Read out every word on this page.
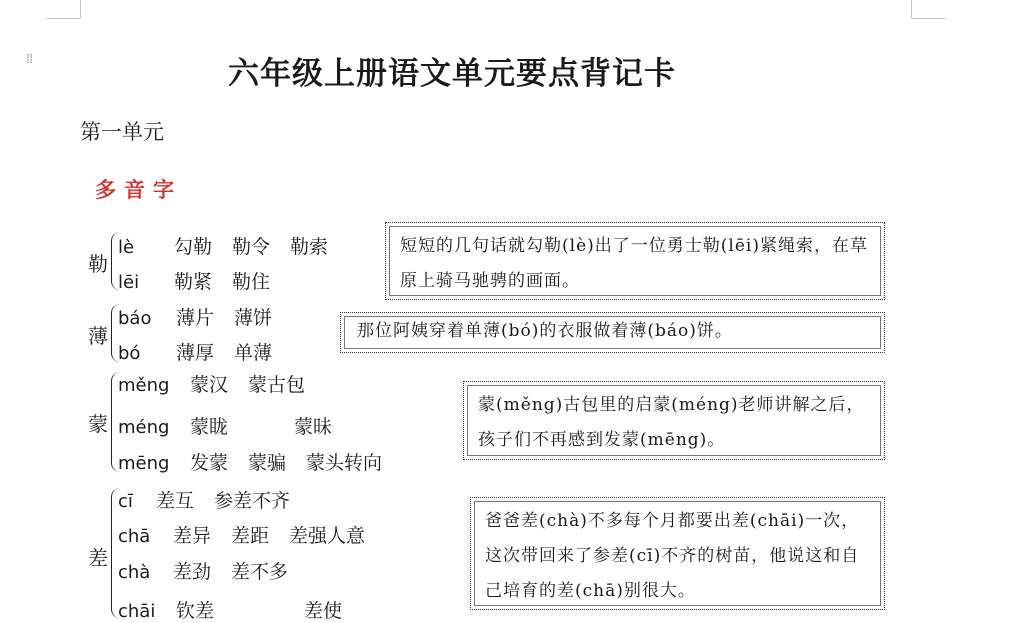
⁞⁞	六年级上册语文单元要点背记卡
第一单元
多音字
勒
lè 勾勒 勒令 勒索
lēi 勒紧 勒住
短短的几句话就勾勒(lè)出了一位勇士勒(lēi)紧绳索，在草原上骑马驰骋的画面。
薄
báo 薄片 薄饼
bó 薄厚 单薄
那位阿姨穿着单薄(bó)的衣服做着薄(báo)饼。
蒙
měng 蒙汉 蒙古包
méng 蒙眬	蒙昧
mēng 发蒙 蒙骗 蒙头转向
蒙(měng)古包里的启蒙(méng)老师讲解之后，孩子们不再感到发蒙(mēng)。
差
cī 差互 参差不齐
chā 差异 差距 差强人意
chà 差劲 差不多
chāi 钦差	差使
爸爸差(chà)不多每个月都要出差(chāi)一次，这次带回来了参差(cī)不齐的树苗，他说这和自己培育的差(chā)别很大。
